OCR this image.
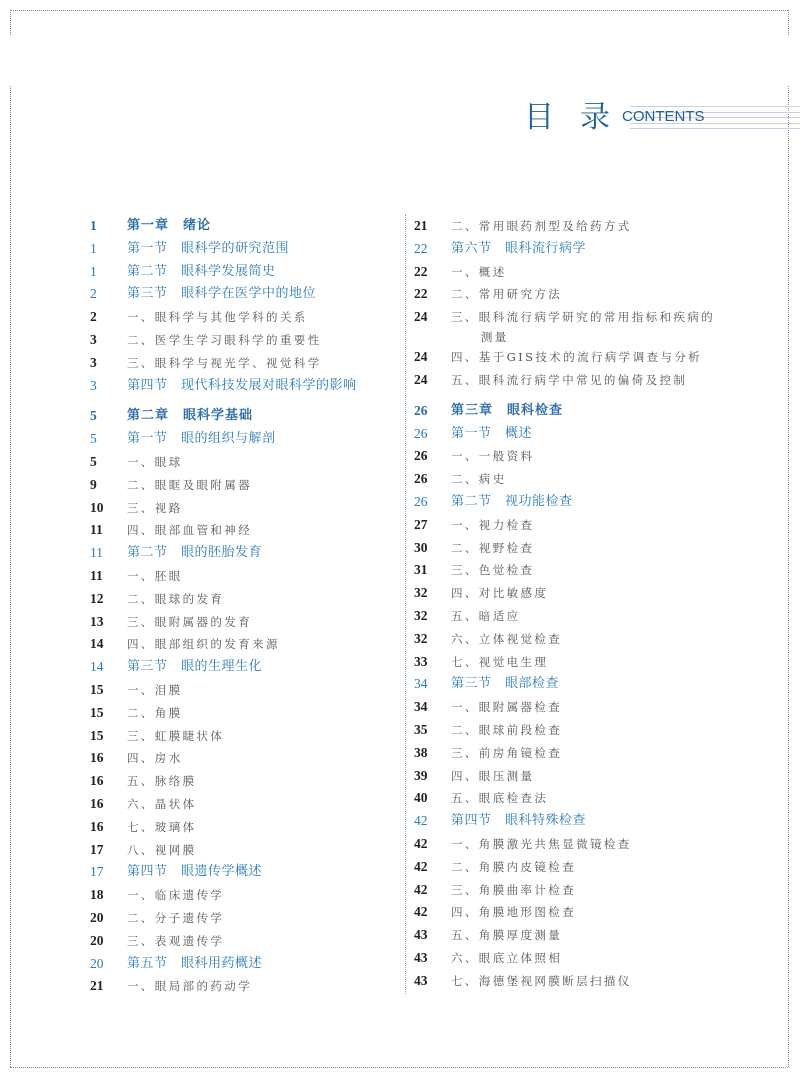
目录
CONTENTS
1	第一章　绪论
1	第一节　眼科学的研究范围
1	第二节　眼科学发展简史
2	第三节　眼科学在医学中的地位
2	一、眼科学与其他学科的关系
3	二、医学生学习眼科学的重要性
3	三、眼科学与视光学、视觉科学
3	第四节　现代科技发展对眼科学的影响
5	第二章　眼科学基础
5	第一节　眼的组织与解剖
5	一、眼球
9	二、眼眶及眼附属器
10	三、视路
11	四、眼部血管和神经
11	第二节　眼的胚胎发育
11	一、胚眼
12	二、眼球的发育
13	三、眼附属器的发育
14	四、眼部组织的发育来源
14	第三节　眼的生理生化
15	一、泪膜
15	二、角膜
15	三、虹膜睫状体
16	四、房水
16	五、脉络膜
16	六、晶状体
16	七、玻璃体
17	八、视网膜
17	第四节　眼遗传学概述
18	一、临床遗传学
20	二、分子遗传学
20	三、表观遗传学
20	第五节　眼科用药概述
21	一、眼局部的药动学
21	二、常用眼药剂型及给药方式
22	第六节　眼科流行病学
22	一、概述
22	二、常用研究方法
24	三、眼科流行病学研究的常用指标和疾病的
测量
24	四、基于GIS技术的流行病学调查与分析
24	五、眼科流行病学中常见的偏倚及控制
26	第三章　眼科检查
26	第一节　概述
26	一、一般资料
26	二、病史
26	第二节　视功能检查
27	一、视力检查
30	二、视野检查
31	三、色觉检查
32	四、对比敏感度
32	五、暗适应
32	六、立体视觉检查
33	七、视觉电生理
34	第三节　眼部检查
34	一、眼附属器检查
35	二、眼球前段检查
38	三、前房角镜检查
39	四、眼压测量
40	五、眼底检查法
42	第四节　眼科特殊检查
42	一、角膜激光共焦显微镜检查
42	二、角膜内皮镜检查
42	三、角膜曲率计检查
42	四、角膜地形图检查
43	五、角膜厚度测量
43	六、眼底立体照相
43	七、海德堡视网膜断层扫描仪
